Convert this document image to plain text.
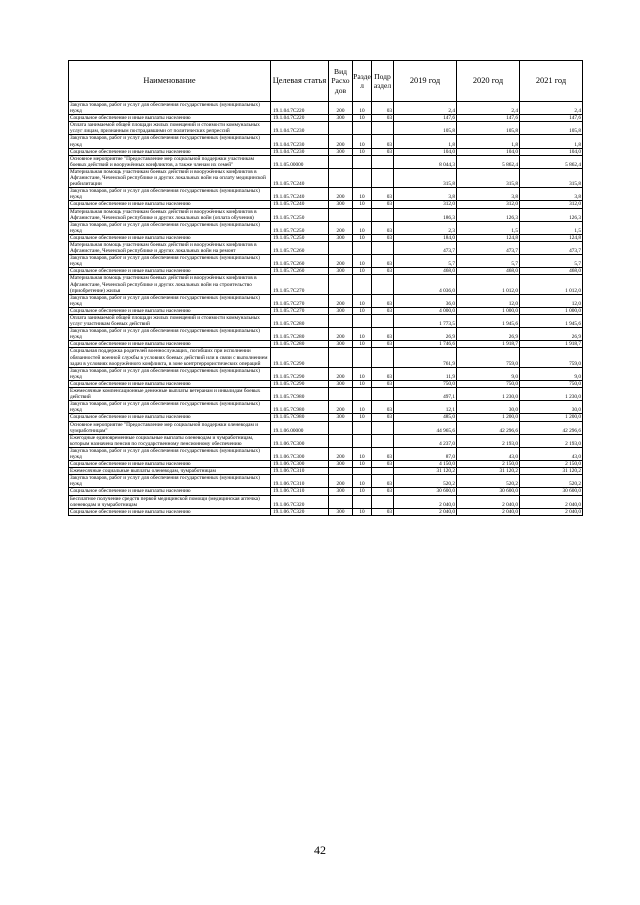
Наименование	Целевая статья	Вид Расхо дов	Разде л	Подр аздел	2019 год	2020 год	2021 год
Закупка товаров, работ и услуг для обеспечения государственных (муниципальных) нужд	19.1.04.7С220	200	10	03	2,4	2,4	2,4
Социальное обеспечение и иные выплаты населению	19.1.04.7С220	300	10	03	147,6	147,6	147,6
Оплата занимаемой общей площади жилых помещений и стоимости коммунальных услуг лицам, признанным пострадавшими от политических репрессий	19.1.04.7С230				105,8	105,8	105,8
Закупка товаров, работ и услуг для обеспечения государственных (муниципальных) нужд	19.1.04.7С230	200	10	03	1,8	1,8	1,8
Социальное обеспечение и иные выплаты населению	19.1.04.7С230	300	10	03	104,0	104,0	104,0
Основное мероприятие "Предоставление мер социальной поддержки участникам боевых действий и вооружённых конфликтов, а также членам их семей"	19.1.05.00000				8 044,3	5 862,4	5 862,4
Материальная помощь участникам боевых действий и вооружённых конфликтов в Афганистане, Чеченской республике и других локальных войн на оплату медицинской реабилитации	19.1.05.7С240				315,8	315,8	315,8
Закупка товаров, работ и услуг для обеспечения государственных (муниципальных) нужд	19.1.05.7С240	200	10	03	3,8	3,8	3,8
Социальное обеспечение и иные выплаты населению	19.1.05.7С240	300	10	03	312,0	312,0	312,0
Материальная помощь участникам боевых действий и вооружённых конфликтов в Афганистане, Чеченской республике и других локальных войн (оплата обучения)	19.1.05.7С250				186,3	126,3	126,3
Закупка товаров, работ и услуг для обеспечения государственных (муниципальных) нужд	19.1.05.7С250	200	10	03	2,3	1,5	1,5
Социальное обеспечение и иные выплаты населению	19.1.05.7С250	300	10	03	184,0	124,8	124,8
Материальная помощь участникам боевых действий и вооружённых конфликтов в Афганистане, Чеченской республике и других локальных войн на ремонт	19.1.05.7С260				473,7	473,7	473,7
Закупка товаров, работ и услуг для обеспечения государственных (муниципальных) нужд	19.1.05.7С260	200	10	03	5,7	5,7	5,7
Социальное обеспечение и иные выплаты населению	19.1.05.7С260	300	10	03	468,0	468,0	468,0
Материальная помощь участникам боевых действий и вооружённых конфликтов в Афганистане, Чеченской республике и других локальных войн на строительство (приобретение) жилья	19.1.05.7С270				4 036,0	1 012,0	1 012,0
Закупка товаров, работ и услуг для обеспечения государственных (муниципальных) нужд	19.1.05.7С270	200	10	03	36,0	12,0	12,0
Социальное обеспечение и иные выплаты населению	19.1.05.7С270	300	10	03	4 000,0	1 000,0	1 000,0
Оплата занимаемой общей площади жилых помещений и стоимости коммунальных услуг участникам боевых действий	19.1.05.7С280				1 773,5	1 945,6	1 945,6
Закупка товаров, работ и услуг для обеспечения государственных (муниципальных) нужд	19.1.05.7С280	200	10	03	26,9	26,9	26,9
Социальное обеспечение и иные выплаты населению	19.1.05.7С280	300	10	03	1 746,6	1 918,7	1 918,7
Социальная поддержка родителей военнослужащих, погибших при исполнении обязанностей военной службы в условиях боевых действий или в связи с выполнением задач в условиях вооружённого конфликта, в зоне контртеррористических операций	19.1.05.7С290				761,9	759,0	759,0
Закупка товаров, работ и услуг для обеспечения государственных (муниципальных) нужд	19.1.05.7С290	200	10	03	11,9	9,0	9,0
Социальное обеспечение и иные выплаты населению	19.1.05.7С290	300	10	03	750,0	750,0	750,0
Ежемесячные компенсационные денежные выплаты ветеранам и инвалидам боевых действий	19.1.05.7С980				497,1	1 230,0	1 230,0
Закупка товаров, работ и услуг для обеспечения государственных (муниципальных) нужд	19.1.05.7С980	200	10	03	12,1	30,0	30,0
Социальное обеспечение и иные выплаты населению	19.1.05.7С980	300	10	03	485,0	1 200,0	1 200,0
Основное мероприятие "Предоставление мер социальной поддержки оленеводам и чумработницам"	19.1.06.00000				44 965,6	42 296,6	42 296,6
Ежегодные единовременные социальные выплаты оленеводам и чумработницам, которым назначена пенсия по государственному пенсионному обеспечению	19.1.06.7С300				4 237,0	2 193,0	2 193,0
Закупка товаров, работ и услуг для обеспечения государственных (муниципальных) нужд	19.1.06.7С300	200	10	03	87,0	43,0	43,0
Социальное обеспечение и иные выплаты населению	19.1.06.7С300	300	10	03	4 150,0	2 150,0	2 150,0
Ежемесячные социальные выплаты оленеводам, чумработницам	19.1.06.7С310				31 120,2	31 120,2	31 120,2
Закупка товаров, работ и услуг для обеспечения государственных (муниципальных) нужд	19.1.06.7С310	200	10	03	520,2	520,2	520,2
Социальное обеспечение и иные выплаты населению	19.1.06.7С310	300	10	03	30 600,0	30 600,0	30 600,0
Бесплатное получение средств первой медицинской помощи (медицинская аптечка) оленеводам и чумработницам	19.1.06.7С320				2 040,0	2 040,0	2 040,0
Социальное обеспечение и иные выплаты населению	19.1.06.7С320	300	10	03	2 040,0	2 040,0	2 040,0
42
